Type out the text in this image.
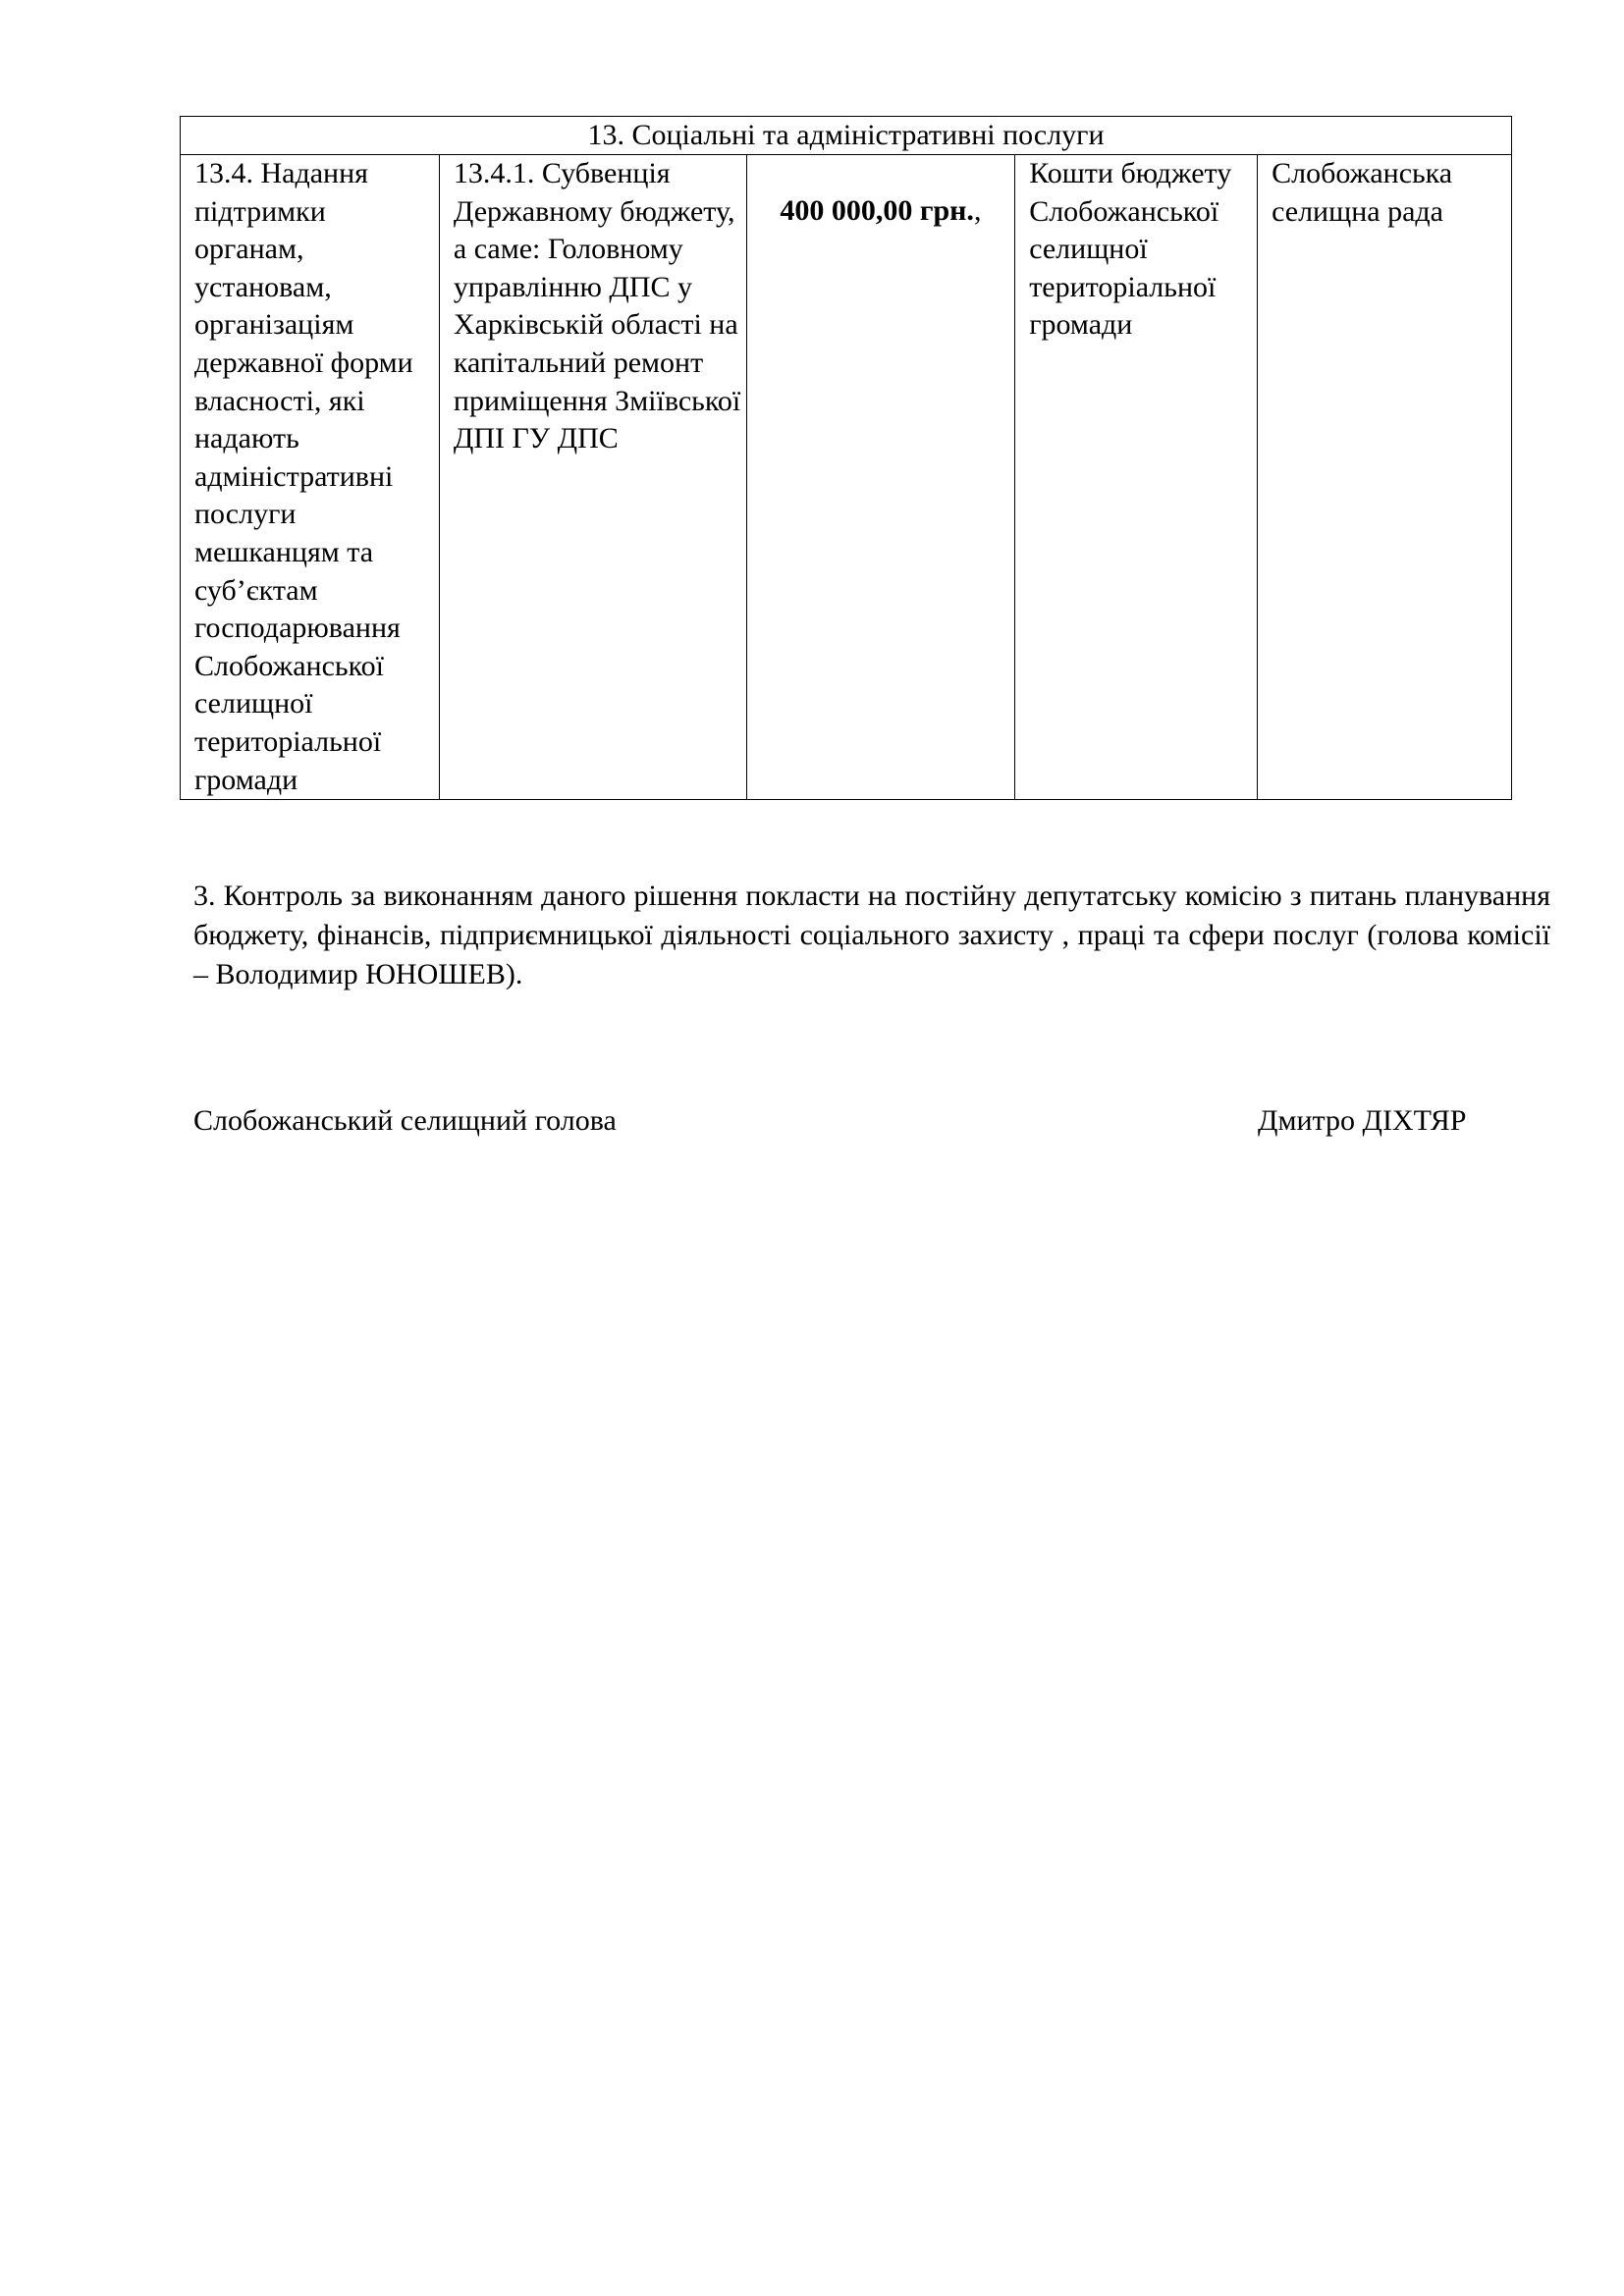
13. Соціальні та адміністративні послуги
13.4. Надання підтримки органам, установам, організаціям державної форми власності, які надають адміністративні послуги мешканцям та суб’єктам господарювання Слобожанської селищної територіальної громади	13.4.1. Субвенція Державному бюджету, а саме: Головному управлінню ДПС у Харківській області на капітальний ремонт приміщення Зміївської ДПІ ГУ ДПС	400 000,00 грн.,	Кошти бюджету Слобожанської селищної територіальної громади	Слобожанська селищна рада

3. Контроль за виконанням даного рішення покласти на постійну депутатську комісію з питань планування бюджету, фінансів, підприємницької діяльності соціального захисту , праці та сфери послуг (голова комісії – Володимир ЮНОШЕВ).

Слобожанський селищний голова	Дмитро ДІХТЯР
